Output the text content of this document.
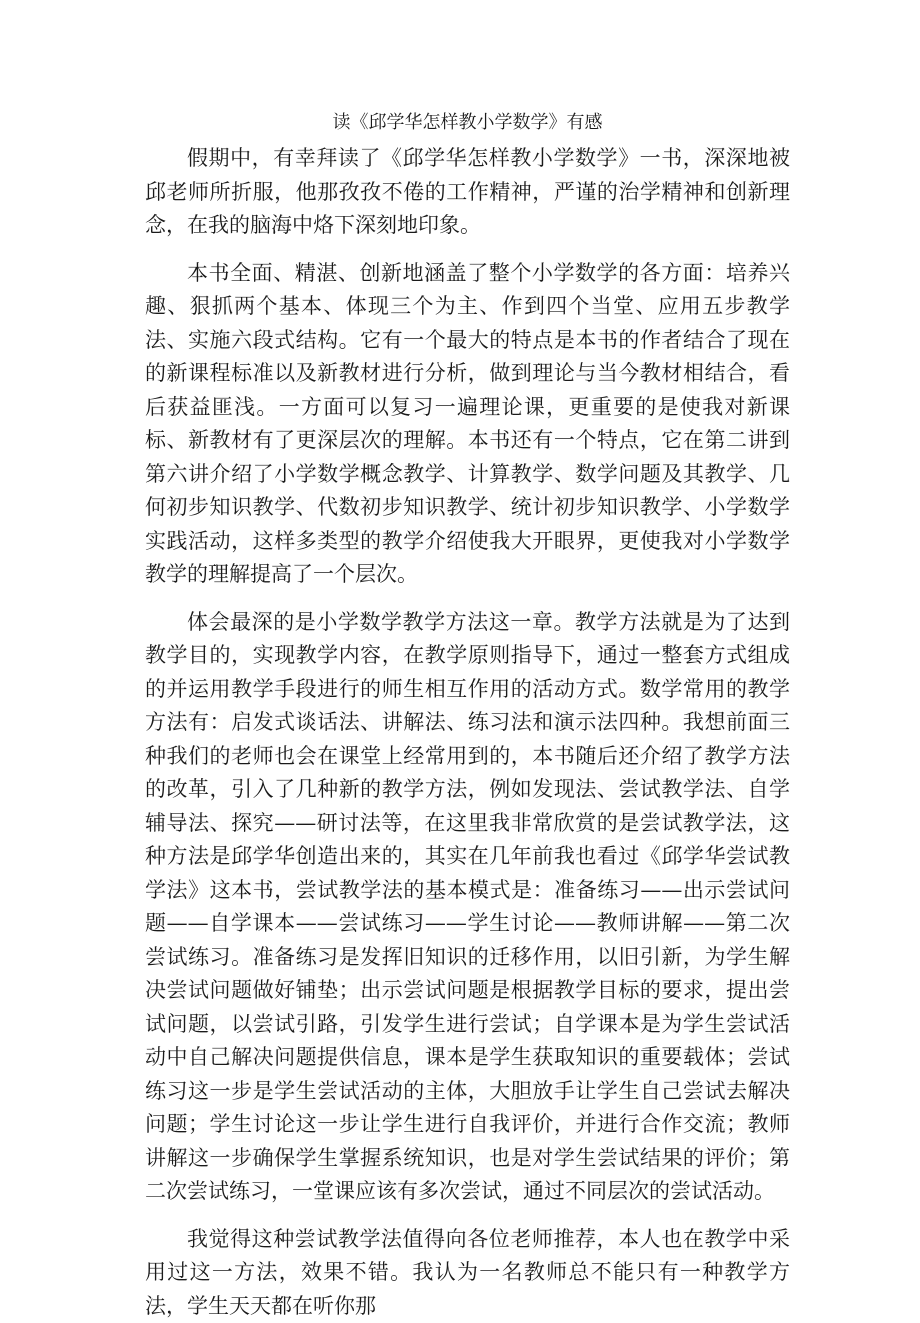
读《邱学华怎样教小学数学》有感

假期中，有幸拜读了《邱学华怎样教小学数学》一书，深深地被邱老师所折服，他那孜孜不倦的工作精神，严谨的治学精神和创新理念，在我的脑海中烙下深刻地印象。

本书全面、精湛、创新地涵盖了整个小学数学的各方面：培养兴趣、狠抓两个基本、体现三个为主、作到四个当堂、应用五步教学法、实施六段式结构。它有一个最大的特点是本书的作者结合了现在的新课程标准以及新教材进行分析，做到理论与当今教材相结合，看后获益匪浅。一方面可以复习一遍理论课，更重要的是使我对新课标、新教材有了更深层次的理解。本书还有一个特点，它在第二讲到第六讲介绍了小学数学概念教学、计算教学、数学问题及其教学、几何初步知识教学、代数初步知识教学、统计初步知识教学、小学数学实践活动，这样多类型的教学介绍使我大开眼界，更使我对小学数学教学的理解提高了一个层次。

体会最深的是小学数学教学方法这一章。教学方法就是为了达到教学目的，实现教学内容，在教学原则指导下，通过一整套方式组成的并运用教学手段进行的师生相互作用的活动方式。数学常用的教学方法有：启发式谈话法、讲解法、练习法和演示法四种。我想前面三种我们的老师也会在课堂上经常用到的，本书随后还介绍了教学方法的改革，引入了几种新的教学方法，例如发现法、尝试教学法、自学辅导法、探究——研讨法等，在这里我非常欣赏的是尝试教学法，这种方法是邱学华创造出来的，其实在几年前我也看过《邱学华尝试教学法》这本书，尝试教学法的基本模式是：准备练习——出示尝试问题——自学课本——尝试练习——学生讨论——教师讲解——第二次尝试练习。准备练习是发挥旧知识的迁移作用，以旧引新，为学生解决尝试问题做好铺垫；出示尝试问题是根据教学目标的要求，提出尝试问题，以尝试引路，引发学生进行尝试；自学课本是为学生尝试活动中自己解决问题提供信息，课本是学生获取知识的重要载体；尝试练习这一步是学生尝试活动的主体，大胆放手让学生自己尝试去解决问题；学生讨论这一步让学生进行自我评价，并进行合作交流；教师讲解这一步确保学生掌握系统知识，也是对学生尝试结果的评价；第二次尝试练习，一堂课应该有多次尝试，通过不同层次的尝试活动。

我觉得这种尝试教学法值得向各位老师推荐，本人也在教学中采用过这一方法，效果不错。我认为一名教师总不能只有一种教学方法，学生天天都在听你那
